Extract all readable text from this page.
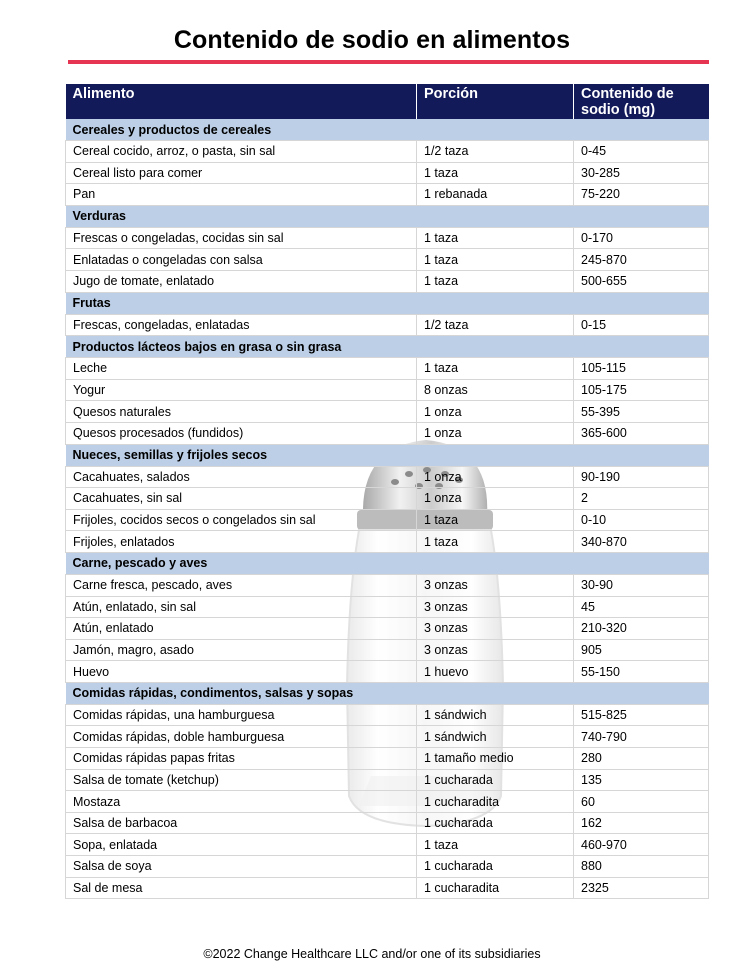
Contenido de sodio en alimentos
Alimento	Porción	Contenido de sodio (mg)
Cereales y productos de cereales		
Cereal cocido, arroz, o pasta, sin sal	1/2 taza	0-45
Cereal listo para comer	1 taza	30-285
Pan	1 rebanada	75-220
Verduras		
Frescas o congeladas, cocidas sin sal	1 taza	0-170
Enlatadas o congeladas con salsa	1 taza	245-870
Jugo de tomate, enlatado	1 taza	500-655
Frutas		
Frescas, congeladas, enlatadas	1/2 taza	0-15
Productos lácteos bajos en grasa o sin grasa		
Leche	1 taza	105-115
Yogur	8 onzas	105-175
Quesos naturales	1 onza	55-395
Quesos procesados (fundidos)	1 onza	365-600
Nueces, semillas y frijoles secos		
Cacahuates, salados	1 onza	90-190
Cacahuates, sin sal	1 onza	2
Frijoles, cocidos secos o congelados sin sal	1 taza	0-10
Frijoles, enlatados	1 taza	340-870
Carne, pescado y aves		
Carne fresca, pescado, aves	3 onzas	30-90
Atún, enlatado, sin sal	3 onzas	45
Atún, enlatado	3 onzas	210-320
Jamón, magro, asado	3 onzas	905
Huevo	1 huevo	55-150
Comidas rápidas, condimentos, salsas y sopas		
Comidas rápidas, una hamburguesa	1 sándwich	515-825
Comidas rápidas, doble hamburguesa	1 sándwich	740-790
Comidas rápidas papas fritas	1 tamaño medio	280
Salsa de tomate (ketchup)	1 cucharada	135
Mostaza	1 cucharadita	60
Salsa de barbacoa	1 cucharada	162
Sopa, enlatada	1 taza	460-970
Salsa de soya	1 cucharada	880
Sal de mesa	1 cucharadita	2325
©2022 Change Healthcare LLC and/or one of its subsidiaries
